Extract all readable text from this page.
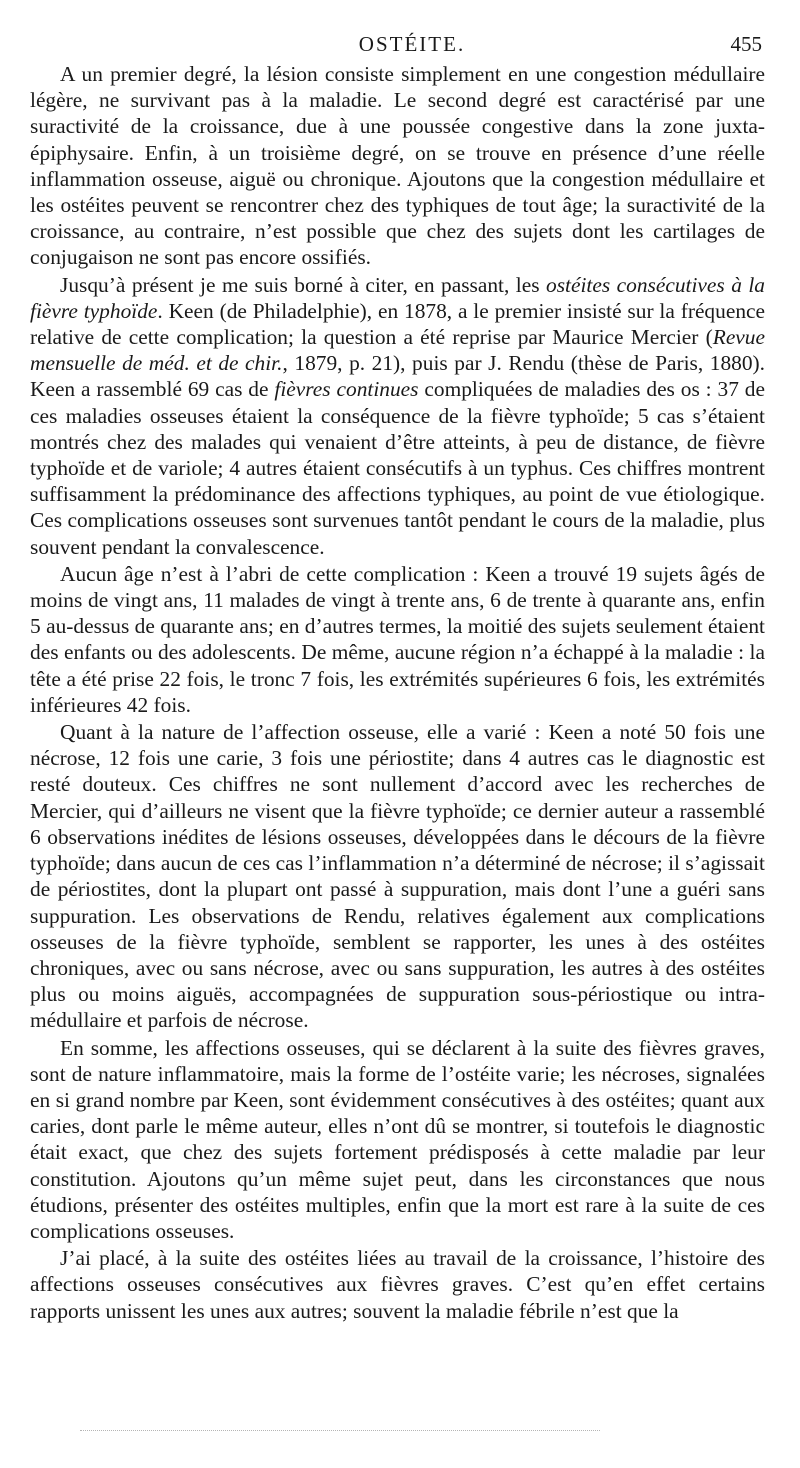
OSTÉITE.	455

A un premier degré, la lésion consiste simplement en une congestion médullaire légère, ne survivant pas à la maladie. Le second degré est caractérisé par une suractivité de la croissance, due à une poussée congestive dans la zone juxta-épiphysaire. Enfin, à un troisième degré, on se trouve en présence d’une réelle inflammation osseuse, aiguë ou chronique. Ajoutons que la congestion médullaire et les ostéites peuvent se rencontrer chez des typhiques de tout âge; la suractivité de la croissance, au contraire, n’est possible que chez des sujets dont les cartilages de conjugaison ne sont pas encore ossifiés.

Jusqu’à présent je me suis borné à citer, en passant, les ostéites consécutives à la fièvre typhoïde. Keen (de Philadelphie), en 1878, a le premier insisté sur la fréquence relative de cette complication; la question a été reprise par Maurice Mercier (Revue mensuelle de méd. et de chir., 1879, p. 21), puis par J. Rendu (thèse de Paris, 1880). Keen a rassemblé 69 cas de fièvres continues compliquées de maladies des os : 37 de ces maladies osseuses étaient la conséquence de la fièvre typhoïde; 5 cas s’étaient montrés chez des malades qui venaient d’être atteints, à peu de distance, de fièvre typhoïde et de variole; 4 autres étaient consécutifs à un typhus. Ces chiffres montrent suffisamment la prédominance des affections typhiques, au point de vue étiologique. Ces complications osseuses sont survenues tantôt pendant le cours de la maladie, plus souvent pendant la convalescence.

Aucun âge n’est à l’abri de cette complication : Keen a trouvé 19 sujets âgés de moins de vingt ans, 11 malades de vingt à trente ans, 6 de trente à quarante ans, enfin 5 au-dessus de quarante ans; en d’autres termes, la moitié des sujets seulement étaient des enfants ou des adolescents. De même, aucune région n’a échappé à la maladie : la tête a été prise 22 fois, le tronc 7 fois, les extrémités supérieures 6 fois, les extrémités inférieures 42 fois.

Quant à la nature de l’affection osseuse, elle a varié : Keen a noté 50 fois une nécrose, 12 fois une carie, 3 fois une périostite; dans 4 autres cas le diagnostic est resté douteux. Ces chiffres ne sont nullement d’accord avec les recherches de Mercier, qui d’ailleurs ne visent que la fièvre typhoïde; ce dernier auteur a rassemblé 6 observations inédites de lésions osseuses, développées dans le décours de la fièvre typhoïde; dans aucun de ces cas l’inflammation n’a déterminé de nécrose; il s’agissait de périostites, dont la plupart ont passé à suppuration, mais dont l’une a guéri sans suppuration. Les observations de Rendu, relatives également aux complications osseuses de la fièvre typhoïde, semblent se rapporter, les unes à des ostéites chroniques, avec ou sans nécrose, avec ou sans suppuration, les autres à des ostéites plus ou moins aiguës, accompagnées de suppuration sous-périostique ou intra-médullaire et parfois de nécrose.

En somme, les affections osseuses, qui se déclarent à la suite des fièvres graves, sont de nature inflammatoire, mais la forme de l’ostéite varie; les nécroses, signalées en si grand nombre par Keen, sont évidemment consécutives à des ostéites; quant aux caries, dont parle le même auteur, elles n’ont dû se montrer, si toutefois le diagnostic était exact, que chez des sujets fortement prédisposés à cette maladie par leur constitution. Ajoutons qu’un même sujet peut, dans les circonstances que nous étudions, présenter des ostéites multiples, enfin que la mort est rare à la suite de ces complications osseuses.

J’ai placé, à la suite des ostéites liées au travail de la croissance, l’histoire des affections osseuses consécutives aux fièvres graves. C’est qu’en effet certains rapports unissent les unes aux autres; souvent la maladie fébrile n’est que la
